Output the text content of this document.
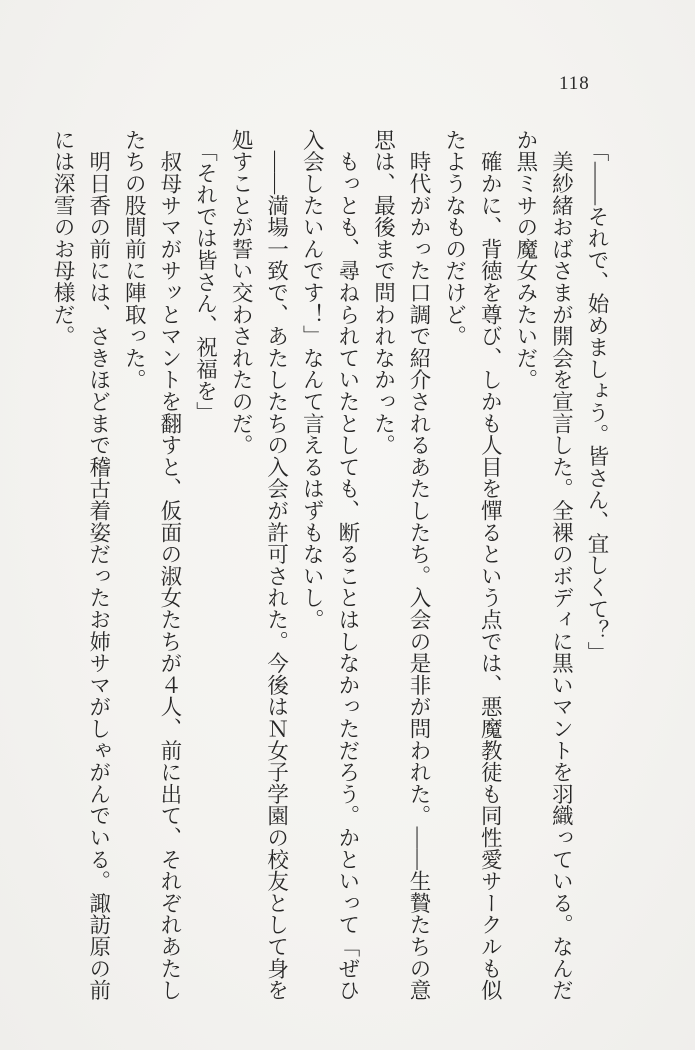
118

　「——それで、始めましょう。皆さん、宜しくて？」

　美紗緒おばさまが開会を宣言した。全裸のボディに黒いマントを羽織っている。なんだ

か黒ミサの魔女みたいだ。

　確かに、背徳を尊び、しかも人目を憚るという点では、悪魔教徒も同性愛サークルも似

たようなものだけど。

　時代がかった口調で紹介されるあたしたち。入会の是非が問われた。——生贄たちの意

思は、最後まで問われなかった。

　もっとも、尋ねられていたとしても、断ることはしなかっただろう。かといって「ぜひ

入会したいんです！」なんて言えるはずもないし。

　——満場一致で、あたしたちの入会が許可された。今後はＮ女子学園の校友として身を

処すことが誓い交わされたのだ。

　「それでは皆さん、祝福を」

　叔母サマがサッとマントを翻すと、仮面の淑女たちが４人、前に出て、それぞれあたし

たちの股間前に陣取った。

　明日香の前には、さきほどまで稽古着姿だったお姉サマがしゃがんでいる。諏訪原の前

には深雪のお母様だ。
